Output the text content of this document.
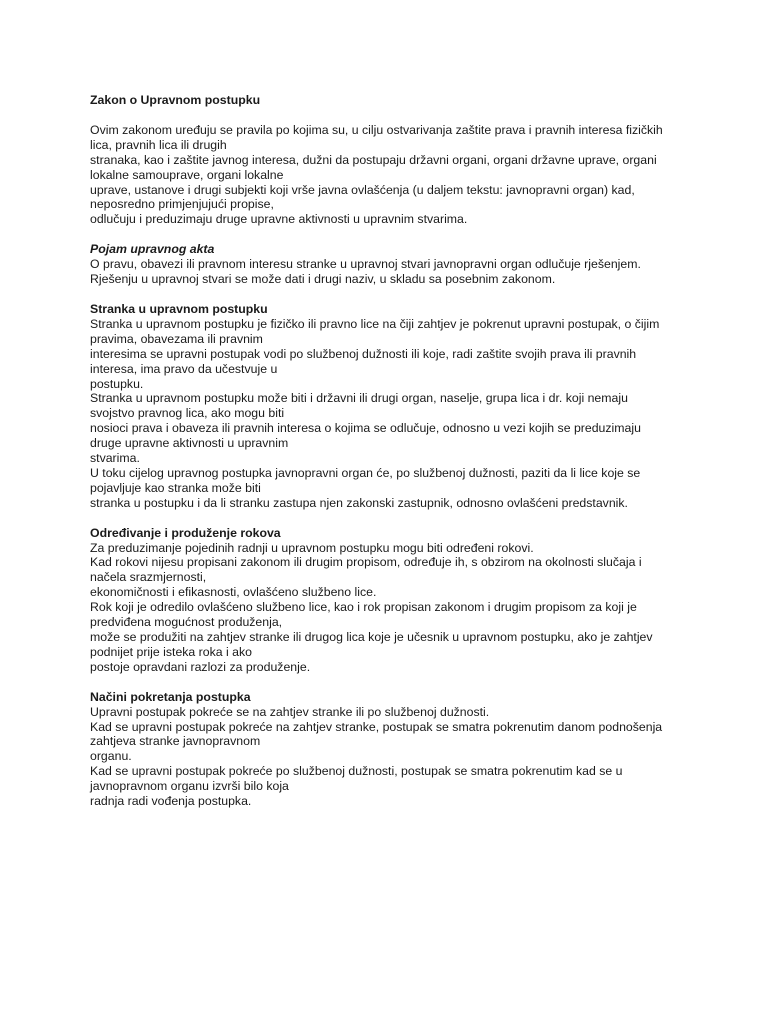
Zakon o Upravnom postupku
Ovim zakonom uređuju se pravila po kojima su, u cilju ostvarivanja zaštite prava i pravnih interesa fizičkih
lica, pravnih lica ili drugih
stranaka, kao i zaštite javnog interesa, dužni da postupaju državni organi, organi državne uprave, organi
lokalne samouprave, organi lokalne
uprave, ustanove i drugi subjekti koji vrše javna ovlašćenja (u daljem tekstu: javnopravni organ) kad,
neposredno primjenjujući propise,
odlučuju i preduzimaju druge upravne aktivnosti u upravnim stvarima.
Pojam upravnog akta
O pravu, obavezi ili pravnom interesu stranke u upravnoj stvari javnopravni organ odlučuje rješenjem.
Rješenju u upravnoj stvari se može dati i drugi naziv, u skladu sa posebnim zakonom.
Stranka u upravnom postupku
Stranka u upravnom postupku je fizičko ili pravno lice na čiji zahtjev je pokrenut upravni postupak, o čijim
pravima, obavezama ili pravnim
interesima se upravni postupak vodi po službenoj dužnosti ili koje, radi zaštite svojih prava ili pravnih
interesa, ima pravo da učestvuje u
postupku.
Stranka u upravnom postupku može biti i državni ili drugi organ, naselje, grupa lica i dr. koji nemaju
svojstvo pravnog lica, ako mogu biti
nosioci prava i obaveza ili pravnih interesa o kojima se odlučuje, odnosno u vezi kojih se preduzimaju
druge upravne aktivnosti u upravnim
stvarima.
U toku cijelog upravnog postupka javnopravni organ će, po službenoj dužnosti, paziti da li lice koje se
pojavljuje kao stranka može biti
stranka u postupku i da li stranku zastupa njen zakonski zastupnik, odnosno ovlašćeni predstavnik.
Određivanje i produženje rokova
Za preduzimanje pojedinih radnji u upravnom postupku mogu biti određeni rokovi.
Kad rokovi nijesu propisani zakonom ili drugim propisom, određuje ih, s obzirom na okolnosti slučaja i
načela srazmjernosti,
ekonomičnosti i efikasnosti, ovlašćeno službeno lice.
Rok koji je odredilo ovlašćeno službeno lice, kao i rok propisan zakonom i drugim propisom za koji je
predviđena mogućnost produženja,
može se produžiti na zahtjev stranke ili drugog lica koje je učesnik u upravnom postupku, ako je zahtjev
podnijet prije isteka roka i ako
postoje opravdani razlozi za produženje.
Načini pokretanja postupka
Upravni postupak pokreće se na zahtjev stranke ili po službenoj dužnosti.
Kad se upravni postupak pokreće na zahtjev stranke, postupak se smatra pokrenutim danom podnošenja
zahtjeva stranke javnopravnom
organu.
Kad se upravni postupak pokreće po službenoj dužnosti, postupak se smatra pokrenutim kad se u
javnopravnom organu izvrši bilo koja
radnja radi vođenja postupka.
